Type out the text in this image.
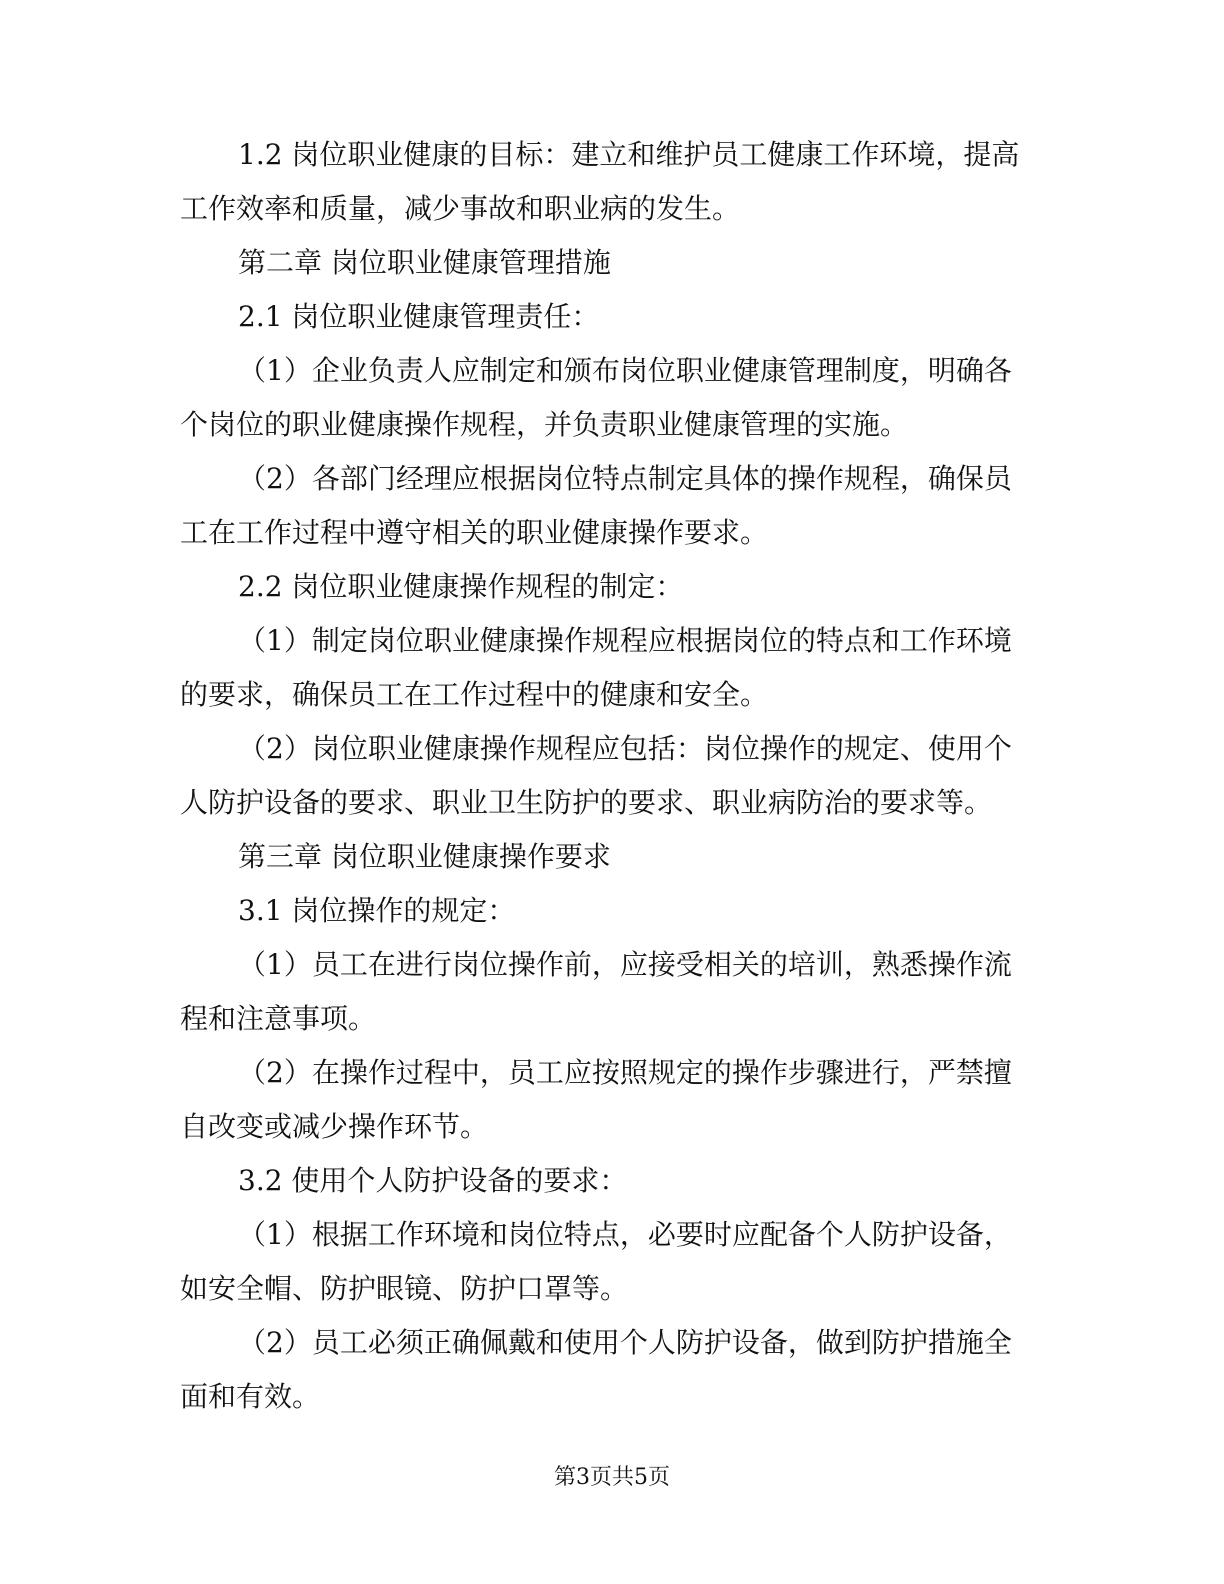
1.2 岗位职业健康的目标：建立和维护员工健康工作环境，提高工作效率和质量，减少事故和职业病的发生。

第二章 岗位职业健康管理措施

2.1 岗位职业健康管理责任：

（1）企业负责人应制定和颁布岗位职业健康管理制度，明确各个岗位的职业健康操作规程，并负责职业健康管理的实施。

（2）各部门经理应根据岗位特点制定具体的操作规程，确保员工在工作过程中遵守相关的职业健康操作要求。

2.2 岗位职业健康操作规程的制定：

（1）制定岗位职业健康操作规程应根据岗位的特点和工作环境的要求，确保员工在工作过程中的健康和安全。

（2）岗位职业健康操作规程应包括：岗位操作的规定、使用个人防护设备的要求、职业卫生防护的要求、职业病防治的要求等。

第三章 岗位职业健康操作要求

3.1 岗位操作的规定：

（1）员工在进行岗位操作前，应接受相关的培训，熟悉操作流程和注意事项。

（2）在操作过程中，员工应按照规定的操作步骤进行，严禁擅自改变或减少操作环节。

3.2 使用个人防护设备的要求：

（1）根据工作环境和岗位特点，必要时应配备个人防护设备，如安全帽、防护眼镜、防护口罩等。

（2）员工必须正确佩戴和使用个人防护设备，做到防护措施全面和有效。

第3页共5页
